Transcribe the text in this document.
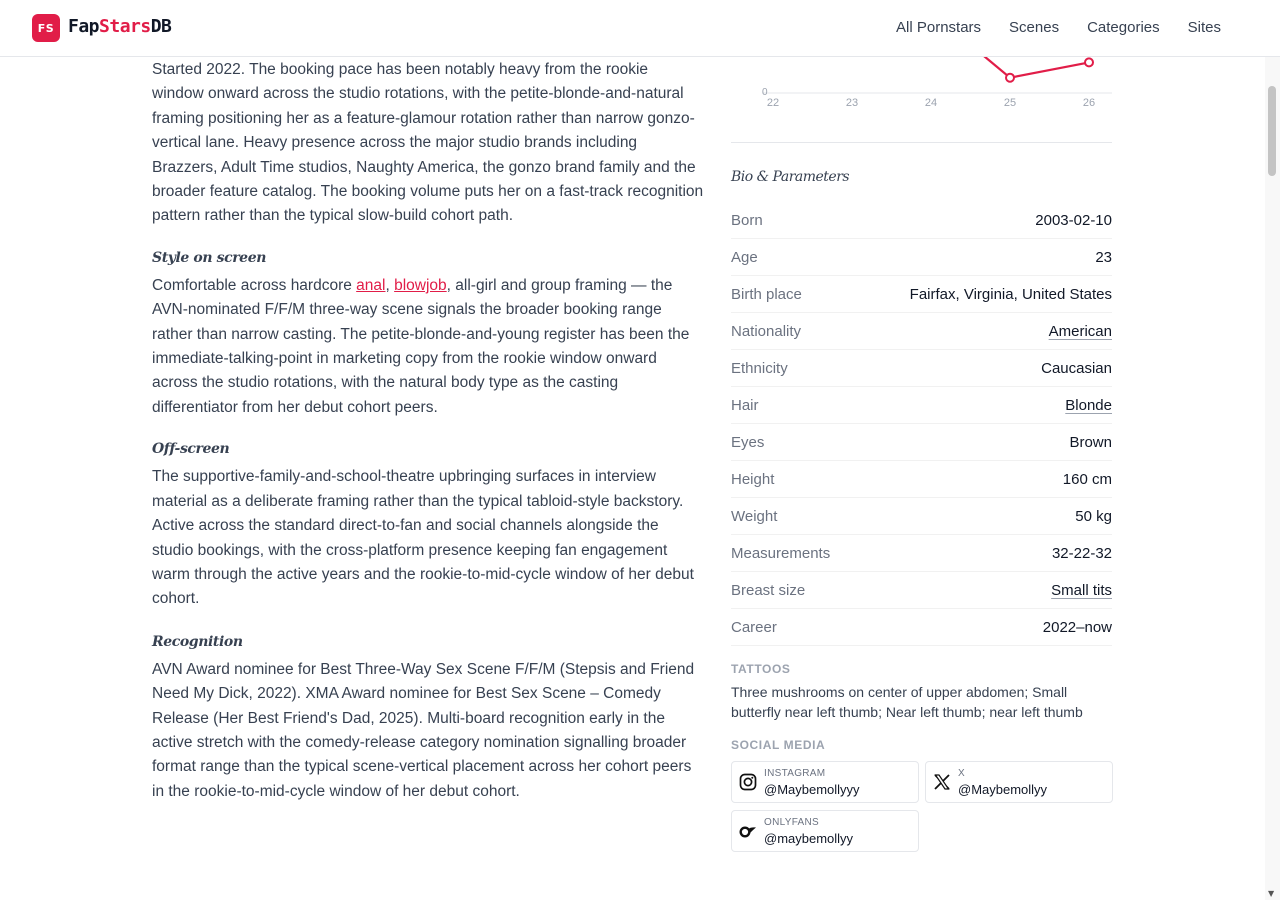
FS FapStarsDB	All Pornstars Scenes Categories Sites

Started 2022. The booking pace has been notably heavy from the rookie window onward across the studio rotations, with the petite-blonde-and-natural framing positioning her as a feature-glamour rotation rather than narrow gonzo-vertical lane. Heavy presence across the major studio brands including Brazzers, Adult Time studios, Naughty America, the gonzo brand family and the broader feature catalog. The booking volume puts her on a fast-track recognition pattern rather than the typical slow-build cohort path.

Style on screen

Comfortable across hardcore anal, blowjob, all-girl and group framing — the AVN-nominated F/F/M three-way scene signals the broader booking range rather than narrow casting. The petite-blonde-and-young register has been the immediate-talking-point in marketing copy from the rookie window onward across the studio rotations, with the natural body type as the casting differentiator from her debut cohort peers.

Off-screen

The supportive-family-and-school-theatre upbringing surfaces in interview material as a deliberate framing rather than the typical tabloid-style backstory. Active across the standard direct-to-fan and social channels alongside the studio bookings, with the cross-platform presence keeping fan engagement warm through the active years and the rookie-to-mid-cycle window of her debut cohort.

Recognition

AVN Award nominee for Best Three-Way Sex Scene F/F/M (Stepsis and Friend Need My Dick, 2022). XMA Award nominee for Best Sex Scene – Comedy Release (Her Best Friend's Dad, 2025). Multi-board recognition early in the active stretch with the comedy-release category nomination signalling broader format range than the typical scene-vertical placement across her cohort peers in the rookie-to-mid-cycle window of her debut cohort.

0
22	23	24	25	26
Bio & Parameters
Born	2003-02-10
Age	23
Birth place	Fairfax, Virginia, United States
Nationality	American
Ethnicity	Caucasian
Hair	Blonde
Eyes	Brown
Height	160 cm
Weight	50 kg
Measurements	32-22-32
Breast size	Small tits
Career	2022–now
TATTOOS
Three mushrooms on center of upper abdomen; Small butterfly near left thumb; Near left thumb; near left thumb
SOCIAL MEDIA
INSTAGRAM
@Maybemollyyy
X
@Maybemollyy
ONLYFANS
@maybemollyy
▼
